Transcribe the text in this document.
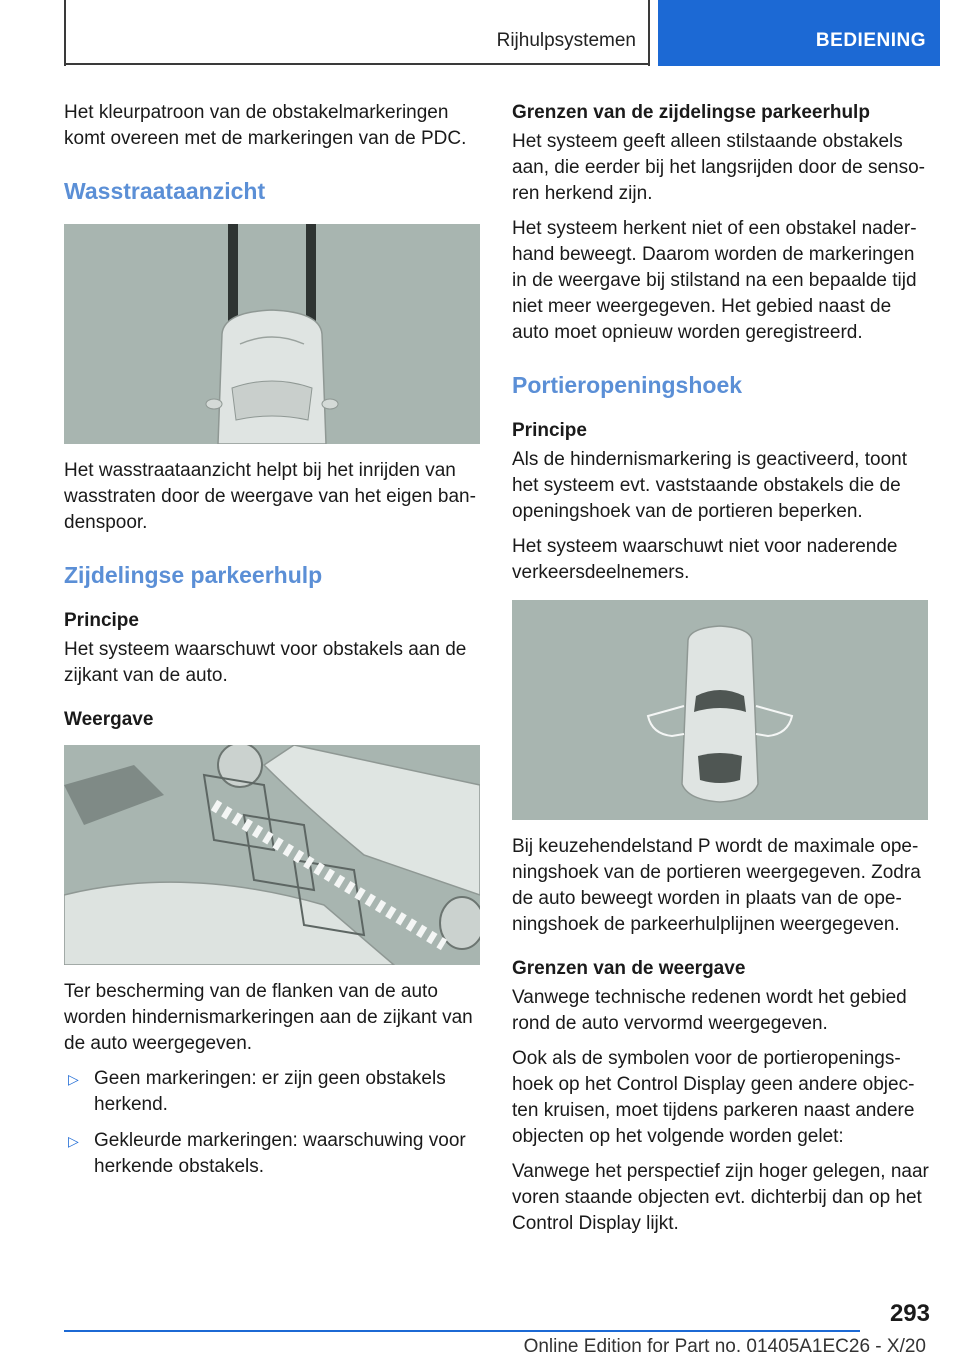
Rijhulpsystemen	BEDIENING

Het kleurpatroon van de obstakelmarkeringen komt overeen met de markeringen van de PDC.

Wasstraataanzicht

Het wasstraataanzicht helpt bij het inrijden van wasstraten door de weergave van het eigen bandenspoor.

Zijdelingse parkeerhulp
Principe

Het systeem waarschuwt voor obstakels aan de zijkant van de auto.

Weergave

Ter bescherming van de flanken van de auto worden hindernismarkeringen aan de zijkant van de auto weergegeven.

▷ Geen markeringen: er zijn geen obstakels herkend.
▷ Gekleurde markeringen: waarschuwing voor herkende obstakels.
Grenzen van de zijdelingse parkeerhulp

Het systeem geeft alleen stilstaande obstakels aan, die eerder bij het langsrijden door de sensoren herkend zijn.

Het systeem herkent niet of een obstakel naderhand beweegt. Daarom worden de markeringen in de weergave bij stilstand na een bepaalde tijd niet meer weergegeven. Het gebied naast de auto moet opnieuw worden geregistreerd.

Portieropeningshoek
Principe

Als de hindernismarkering is geactiveerd, toont het systeem evt. vaststaande obstakels die de openingshoek van de portieren beperken.

Het systeem waarschuwt niet voor naderende verkeersdeelnemers.

Bij keuzehendelstand P wordt de maximale openingshoek van de portieren weergegeven. Zodra de auto beweegt worden in plaats van de openingshoek de parkeerhulplijnen weergegeven.

Grenzen van de weergave

Vanwege technische redenen wordt het gebied rond de auto vervormd weergegeven.

Ook als de symbolen voor de portieropeningshoek op het Control Display geen andere objecten kruisen, moet tijdens parkeren naast andere objecten op het volgende worden gelet:

Vanwege het perspectief zijn hoger gelegen, naar voren staande objecten evt. dichterbij dan op het Control Display lijkt.

293
Online Edition for Part no. 01405A1EC26 - X/20
